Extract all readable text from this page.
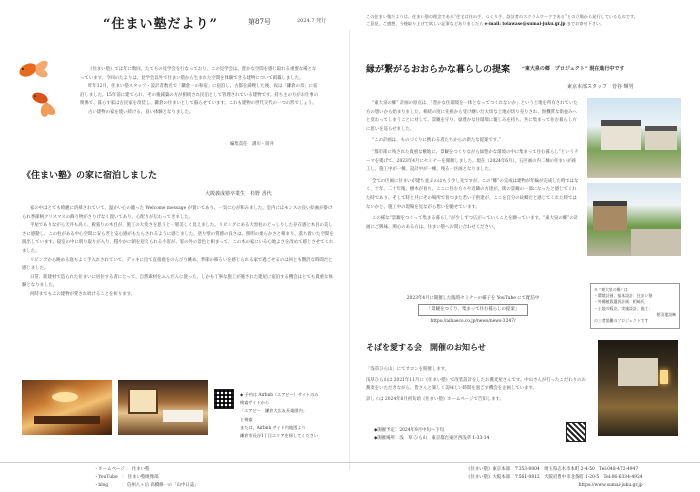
“住まい塾だより”	第87号	2024.7 発行
この住まい塾だよりは、住まい塾の理念である“住宅は住み手、つくり手、設計者のスクラムワークである”との立場から発行しているものです。
ご意見、ご感想、今後取り上げて欲しい記事などありましたら e-mail: toiawase@sumai-juku.gr.jp までお寄せ下さい。

《住まい塾》では年に数回、たてもの見学会を行なっており、この見学会は、豊かな空間を感じ取れる重要な場となっています。今回のたよりは、見学会以外で住まい塾から生まれた空間を体験できる建物について掲載しました。

昨年12月、住まい塾スタッフ・設計者数名で「鎌倉一の和宿」に宿泊し、古都を満喫した後、夜は「鎌倉の奈」に宿泊しました。15年前に建てられ、その後減築の方が相続され民泊として管理されている建物です。持ち主の方がお仕事の関係で、暮らす家は古民家を改装し、鎌倉の住まいとして蘇らせています。これも建物の世代交代の一つの形でしょう。

古い建物の家を使い続ける、良い体験となりました。

編集責任　溝川・筒井
《住まい塾》の家に宿泊しました
大阪義成塾卒業生　杉野 香代

家の中はとても綺麗に清掃されていて、温かい心の籠った Welcome message が置いてあり、一気に心が和みました。室内にはモンスの良い絵画が掛けられ季節柄クリスマスの飾り物がさりげなく置いてあり、心配りが伝わってきました。

平屋でありながら天井も高く、板張りの木目が、施工の大変さを思うと一層美しく見えました。リビングにある大黒柱のどっしりした存在感と木目の美しさに感動し、この柱がある中心空間に安らぎと安心感がもたらされるように感じました。塗り壁の質感の良さは、照明の柔らかさと相まり、落ち着いた空間を演出しています。寝室の中に明り取りが入り、穏やかに朝を迎えられる小窓が、窓の外の景色と相まって、この木の家にいる心地よさを改めて感じさせてくれました。

リビングから眺める庭もよく手入れされていて、デッキに出て直接庭をのんびり眺め、季節の移ろいを感じられる家で過ごせるのは何とも贅沢な時間だと感じました。

日常、新建材で造られた住まいに居住する者にとって、自然素材をふんだんに使った、しかも丁寧な施工が施された建屋に宿泊する機会はとても貴重な体験となりました。

何時までもこの建物が愛され続けることを祈ります。

◆ 予約は Airbnb（エアビー）サイトのみ
検索サイトから
「エアビー　鎌倉大広＆長楽園内」
と検索
または、Airbnb サイト内地図より
鎌倉市長谷1丁目エリアを探してください
縁が繋がるおおらかな暮らしの提案 “東大泉の郷　プロジェクト” 現在進行中です
東京本部スタッフ　菅谷 輝男

“東大泉の郷” 計画の原点は、「豊かな住環境を一体となってつくれないか」という土地を所有されていた方の想いから始まりました。相続の度に先祖から受け継いだ大切な土地が切り売りされ、無機質な街並みへと変わってしまうことに対して、景観を守り、緑豊かな住環境に親しみを持ち、共に集まって住む暮らし方に思いを巡らせました。

“この計画は、ものづくりに携わる者たちからの新たな提案です。”

“都市部に残された貴重な敷地に、景観をつくりながら緑豊かな環境の中に集まって住む暮らし”というテーマを掲げて、2023年4月にセミナーを開催しました。現在（2024年6月）、五区画の内二棟の住まいが竣工し、施工中が一棟、設計中が一棟、残る一区画となりました。

全ての区画に住まいが建ち並ぶのはもう少し先ですが、この“郷”の完成は建物が年輪が完成した時ではなく、十年、二十年後、樹木が育ち、ここに住む方々や近隣の方達が、街の景観の一部になったと感じてくれた時であり、そして時と共にその場所で育つまた若い子供達が、ここを自分の故郷だと感じてくれた時ではないかと、施工中の現場を見ながら想いを馳せています。

この様な“景観をつくって集まる暮らし”が少しずつ広がっていくことを願っています。“東大泉の郷”の計画にご興味、関心のある方は、住まい塾へお問い合わせください。

※ “東大泉の郷” は
・環境計画、基本設計：住まい塾
・外構植栽選択計画：相崎氏
・土地の販売、実施設計、施工：
相羽建設㈱
の三者協働のプロジェクトです
2023年4月に開催した臨時セミナーの様子を YouTube にて配信中
「景観をつくり、集まって住む暮らしの提案」
https://aibaeco.co.jp/news/news-3247/
そばを愛する会　開催のお知らせ

「浅草ひら山」にてサロンを開催します。

浅草ひら山は 2021年11月に《住まい塾》で改装設計をしたお蕎麦屋さんです。中山さんが打ったこだわりのお蕎麦をいただきながら、皆さんと楽しく美味しい時間を過ごす機会を企画しています。

詳しくは 2024年8月初旬頃《住まい塾》ホームページで告知します。

◆開催予定：2024年9月中旬〜下旬
◆開催場所：浅　草 ひら山　東京都台東区西浅草 1-33-14
・ホームページ ： 住まい塾
・YouTube　： 住まい塾映像部
・blog　　　： 信州八ヶ岳 高橋修一の「山中日誌」
《住まい塾》東京本部　〒353-0004　埼玉県志木市本町 2-4-50　Tel:048-472-4947
《住まい塾》大阪本部　〒561-0812　大阪府豊中市北条町 1-20-5　Tel:06-6334-4924
https://www.sumai-juku.gr.jp
